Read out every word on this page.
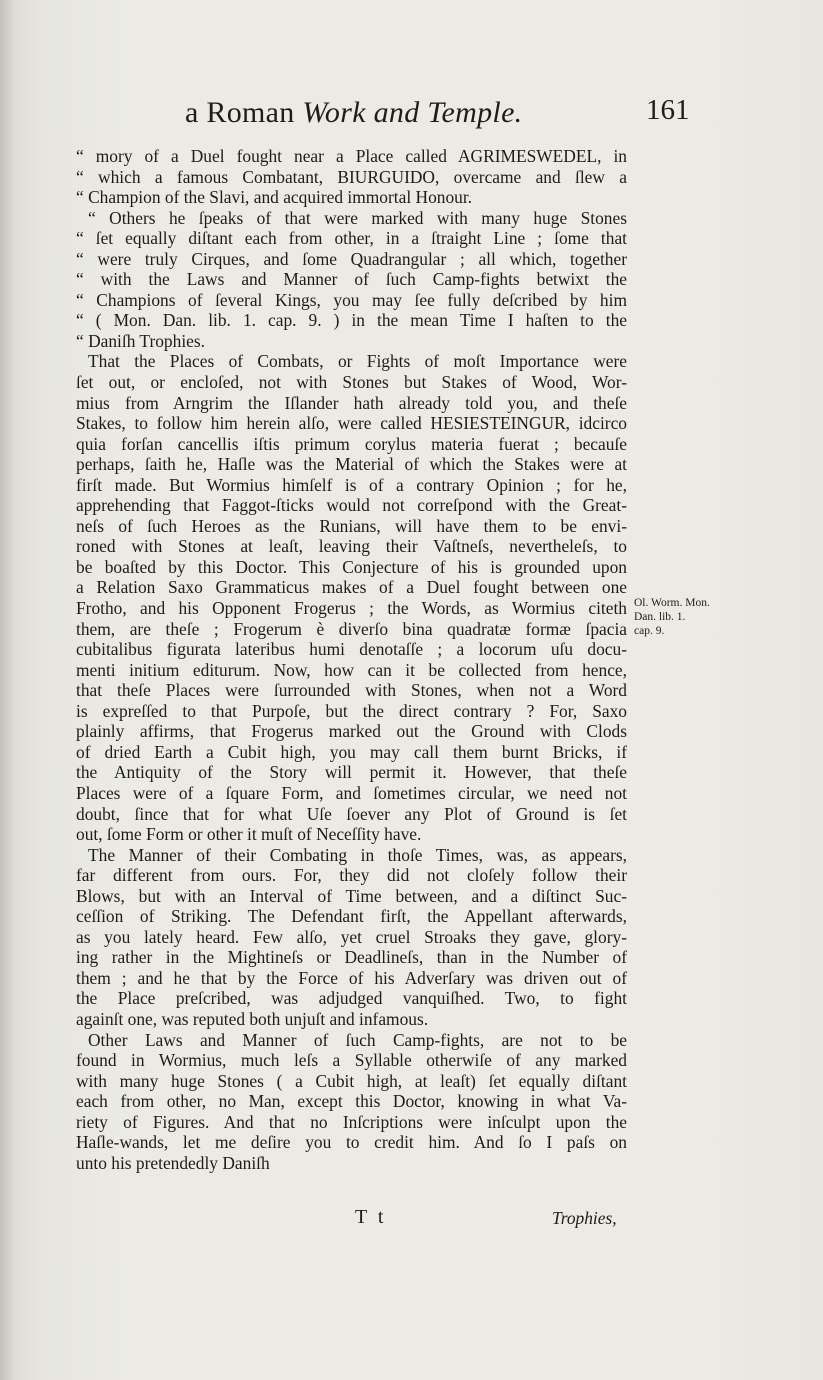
a Roman Work and Temple.	161
“ mory of a Duel fought near a Place called AGRIMESWEDEL, in
“ which a famous Combatant, BIURGUIDO, overcame and ſlew a
“ Champion of the Slavi, and acquired immortal Honour.
“ Others he ſpeaks of that were marked with many huge Stones
“ ſet equally diſtant each from other, in a ſtraight Line ; ſome that
“ were truly Cirques, and ſome Quadrangular ; all which, together
“ with the Laws and Manner of ſuch Camp-fights betwixt the
“ Champions of ſeveral Kings, you may ſee fully deſcribed by him
“ ( Mon. Dan. lib. 1. cap. 9. ) in the mean Time I haſten to the
“ Daniſh Trophies.
That the Places of Combats, or Fights of moſt Importance were
ſet out, or encloſed, not with Stones but Stakes of Wood, Wor-
mius from Arngrim the Iſlander hath already told you, and theſe
Stakes, to follow him herein alſo, were called HESIESTEINGUR, idcirco
quia forſan cancellis iſtis primum corylus materia fuerat ; becauſe
perhaps, ſaith he, Haſle was the Material of which the Stakes were at
firſt made. But Wormius himſelf is of a contrary Opinion ; for he,
apprehending that Faggot-ſticks would not correſpond with the Great-
neſs of ſuch Heroes as the Runians, will have them to be envi-
roned with Stones at leaſt, leaving their Vaſtneſs, nevertheleſs, to
be boaſted by this Doctor. This Conjecture of his is grounded upon
a Relation Saxo Grammaticus makes of a Duel fought between one
Frotho, and his Opponent Frogerus ; the Words, as Wormius citeth
them, are theſe ; Frogerum è diverſo bina quadratæ formæ ſpacia
cubitalibus figurata lateribus humi denotaſſe ; a locorum uſu docu-
menti initium editurum. Now, how can it be collected from hence,
that theſe Places were ſurrounded with Stones, when not a Word
is expreſſed to that Purpoſe, but the direct contrary ? For, Saxo
plainly affirms, that Frogerus marked out the Ground with Clods
of dried Earth a Cubit high, you may call them burnt Bricks, if
the Antiquity of the Story will permit it. However, that theſe
Places were of a ſquare Form, and ſometimes circular, we need not
doubt, ſince that for what Uſe ſoever any Plot of Ground is ſet
out, ſome Form or other it muſt of Neceſſity have.
The Manner of their Combating in thoſe Times, was, as appears,
far different from ours. For, they did not cloſely follow their
Blows, but with an Interval of Time between, and a diſtinct Suc-
ceſſion of Striking. The Defendant firſt, the Appellant afterwards,
as you lately heard. Few alſo, yet cruel Stroaks they gave, glory-
ing rather in the Mightineſs or Deadlineſs, than in the Number of
them ; and he that by the Force of his Adverſary was driven out of
the Place preſcribed, was adjudged vanquiſhed. Two, to fight
againſt one, was reputed both unjuſt and infamous.
Other Laws and Manner of ſuch Camp-fights, are not to be
found in Wormius, much leſs a Syllable otherwiſe of any marked
with many huge Stones ( a Cubit high, at leaſt) ſet equally diſtant
each from other, no Man, except this Doctor, knowing in what Va-
riety of Figures. And that no Inſcriptions were inſculpt upon the
Haſle-wands, let me deſire you to credit him. And ſo I paſs on
unto his pretendedly Daniſh
Ol. Worm. Mon.
Dan. lib. 1.
cap. 9.
T t	Trophies,
